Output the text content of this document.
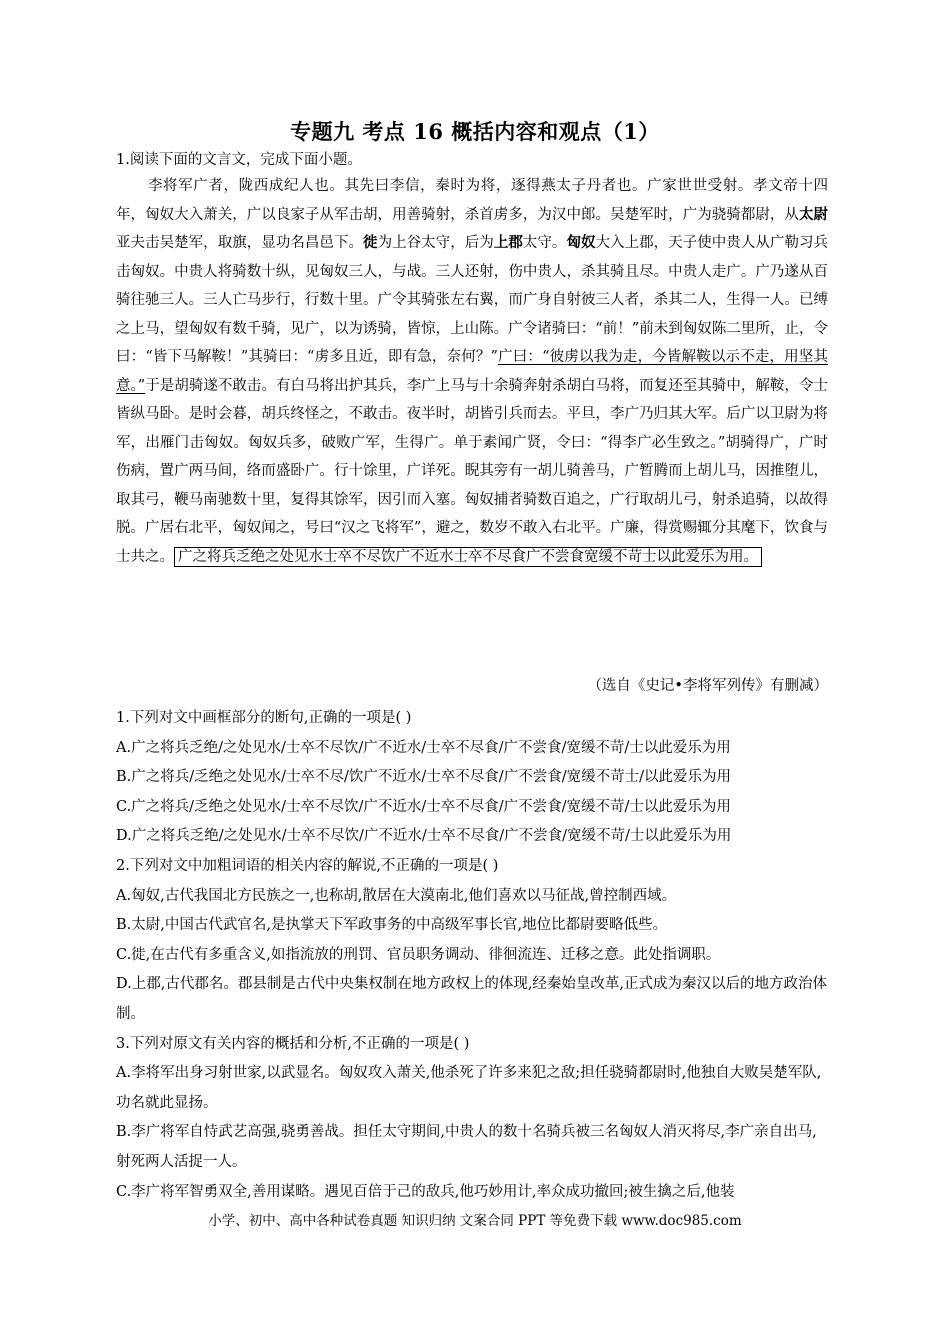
专题九 考点 16 概括内容和观点（1）
1.阅读下面的文言文，完成下面小题。

李将军广者，陇西成纪人也。其先曰李信，秦时为将，逐得燕太子丹者也。广家世世受射。孝文帝十四年，匈奴大入萧关，广以良家子从军击胡，用善骑射，杀首虏多，为汉中郎。吴楚军时，广为骁骑都尉，从太尉亚夫击吴楚军，取旗，显功名昌邑下。徙为上谷太守，后为上郡太守。匈奴大入上郡，天子使中贵人从广勒习兵击匈奴。中贵人将骑数十纵，见匈奴三人，与战。三人还射，伤中贵人，杀其骑且尽。中贵人走广。广乃遂从百骑往驰三人。三人亡马步行，行数十里。广令其骑张左右翼，而广身自射彼三人者，杀其二人，生得一人。已缚之上马，望匈奴有数千骑，见广，以为诱骑，皆惊，上山陈。广令诸骑曰：“前！”前未到匈奴陈二里所，止，令曰：“皆下马解鞍！”其骑曰：“虏多且近，即有急，奈何？”广曰：“彼虏以我为走，今皆解鞍以示不走，用坚其意。”于是胡骑遂不敢击。有白马将出护其兵，李广上马与十余骑奔射杀胡白马将，而复还至其骑中，解鞍，令士皆纵马卧。是时会暮，胡兵终怪之，不敢击。夜半时，胡皆引兵而去。平旦，李广乃归其大军。后广以卫尉为将军，出雁门击匈奴。匈奴兵多，破败广军，生得广。单于素闻广贤，令曰：“得李广必生致之。”胡骑得广，广时伤病，置广两马间，络而盛卧广。行十馀里，广详死。睨其旁有一胡儿骑善马，广暂腾而上胡儿马，因推堕儿，取其弓，鞭马南驰数十里，复得其馀军，因引而入塞。匈奴捕者骑数百追之，广行取胡儿弓，射杀追骑，以故得脱。广居右北平，匈奴闻之，号曰“汉之飞将军”，避之，数岁不敢入右北平。广廉，得赏赐辄分其麾下，饮食与士共之。 广之将兵乏绝之处见水士卒不尽饮广不近水士卒不尽食广不尝食宽缓不苛士以此爱乐为用。

（选自《史记•李将军列传》有删减）
1.下列对文中画框部分的断句,正确的一项是( )
A.广之将兵乏绝/之处见水/士卒不尽饮/广不近水/士卒不尽食/广不尝食/宽缓不苛/士以此爱乐为用
B.广之将兵/乏绝之处见水/士卒不尽/饮广不近水/士卒不尽食/广不尝食/宽缓不苛士/以此爱乐为用
C.广之将兵/乏绝之处见水/士卒不尽饮/广不近水/士卒不尽食/广不尝食/宽缓不苛/士以此爱乐为用
D.广之将兵乏绝/之处见水/士卒不尽饮/广不近水/士卒不尽食/广不尝食/宽缓不苛/士以此爱乐为用
2.下列对文中加粗词语的相关内容的解说,不正确的一项是( )
A.匈奴,古代我国北方民族之一,也称胡,散居在大漠南北,他们喜欢以马征战,曾控制西域。
B.太尉,中国古代武官名,是执掌天下军政事务的中高级军事长官,地位比都尉要略低些。
C.徙,在古代有多重含义,如指流放的刑罚、官员职务调动、徘徊流连、迁移之意。此处指调职。
D.上郡,古代郡名。郡县制是古代中央集权制在地方政权上的体现,经秦始皇改革,正式成为秦汉以后的地方政治体制。
3.下列对原文有关内容的概括和分析,不正确的一项是( )
A.李将军出身习射世家,以武显名。匈奴攻入萧关,他杀死了许多来犯之敌;担任骁骑都尉时,他独自大败吴楚军队,功名就此显扬。
B.李广将军自恃武艺高强,骁勇善战。担任太守期间,中贵人的数十名骑兵被三名匈奴人消灭将尽,李广亲自出马,射死两人活捉一人。
C.李广将军智勇双全,善用谋略。遇见百倍于己的敌兵,他巧妙用计,率众成功撤回;被生擒之后,他装
小学、初中、高中各种试卷真题 知识归纳 文案合同 PPT 等免费下载 www.doc985.com
